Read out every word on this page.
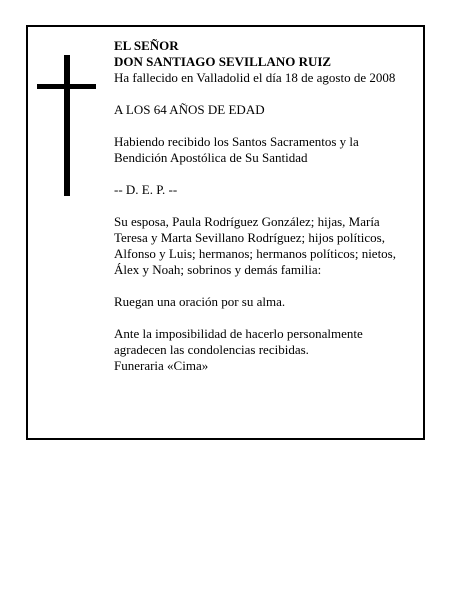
EL SEÑOR
DON SANTIAGO SEVILLANO RUIZ
Ha fallecido en Valladolid el día 18 de agosto de 2008
A LOS 64 AÑOS DE EDAD
Habiendo recibido los Santos Sacramentos y la
Bendición Apostólica de Su Santidad
-- D. E. P. --
Su esposa, Paula Rodríguez González; hijas, María
Teresa y Marta Sevillano Rodríguez; hijos políticos,
Alfonso y Luis; hermanos; hermanos políticos; nietos,
Álex y Noah; sobrinos y demás familia:
Ruegan una oración por su alma.
Ante la imposibilidad de hacerlo personalmente
agradecen las condolencias recibidas.
Funeraria «Cima»
